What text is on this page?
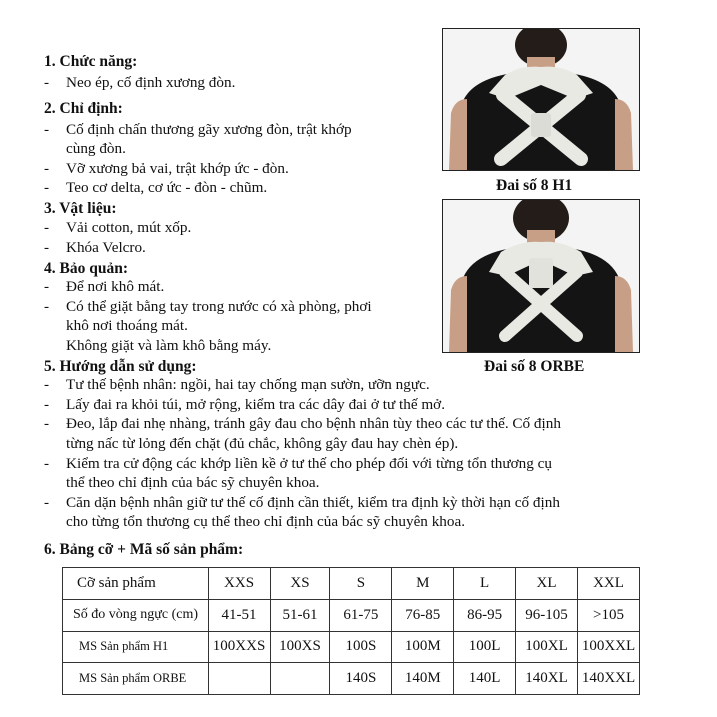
1. Chức năng:
- Neo ép, cố định xương đòn.
2. Chỉ định:
- Cố định chấn thương gãy xương đòn, trật khớp
cùng đòn.
- Vỡ xương bả vai, trật khớp ức - đòn.
- Teo cơ delta, cơ ức - đòn - chũm.
3. Vật liệu:
- Vải cotton, mút xốp.
- Khóa Velcro.
4. Bảo quản:
- Để nơi khô mát.
- Có thể giặt bằng tay trong nước có xà phòng, phơi
khô nơi thoáng mát.
Không giặt và làm khô bằng máy.
5. Hướng dẫn sử dụng:
- Tư thế bệnh nhân: ngồi, hai tay chống mạn sườn, ưỡn ngực.
- Lấy đai ra khỏi túi, mở rộng, kiểm tra các dây đai ở tư thế mở.
- Đeo, lắp đai nhẹ nhàng, tránh gây đau cho bệnh nhân tùy theo các tư thế. Cố định
từng nấc từ lỏng đến chặt (đủ chắc, không gây đau hay chèn ép).
- Kiểm tra cử động các khớp liền kề ở tư thế cho phép đối với từng tổn thương cụ
thể theo chỉ định của bác sỹ chuyên khoa.
- Căn dặn bệnh nhân giữ tư thế cố định cần thiết, kiểm tra định kỳ thời hạn cố định
cho từng tổn thương cụ thể theo chỉ định của bác sỹ chuyên khoa.
6. Bảng cỡ + Mã số sản phẩm:
Đai số 8 H1
Đai số 8 ORBE
Cỡ sản phẩm	XXS	XS	S	M	L	XL	XXL
Số đo vòng ngực (cm)	41-51	51-61	61-75	76-85	86-95	96-105	>105
MS Sản phẩm H1	100XXS	100XS	100S	100M	100L	100XL	100XXL
MS Sản phẩm ORBE			140S	140M	140L	140XL	140XXL
